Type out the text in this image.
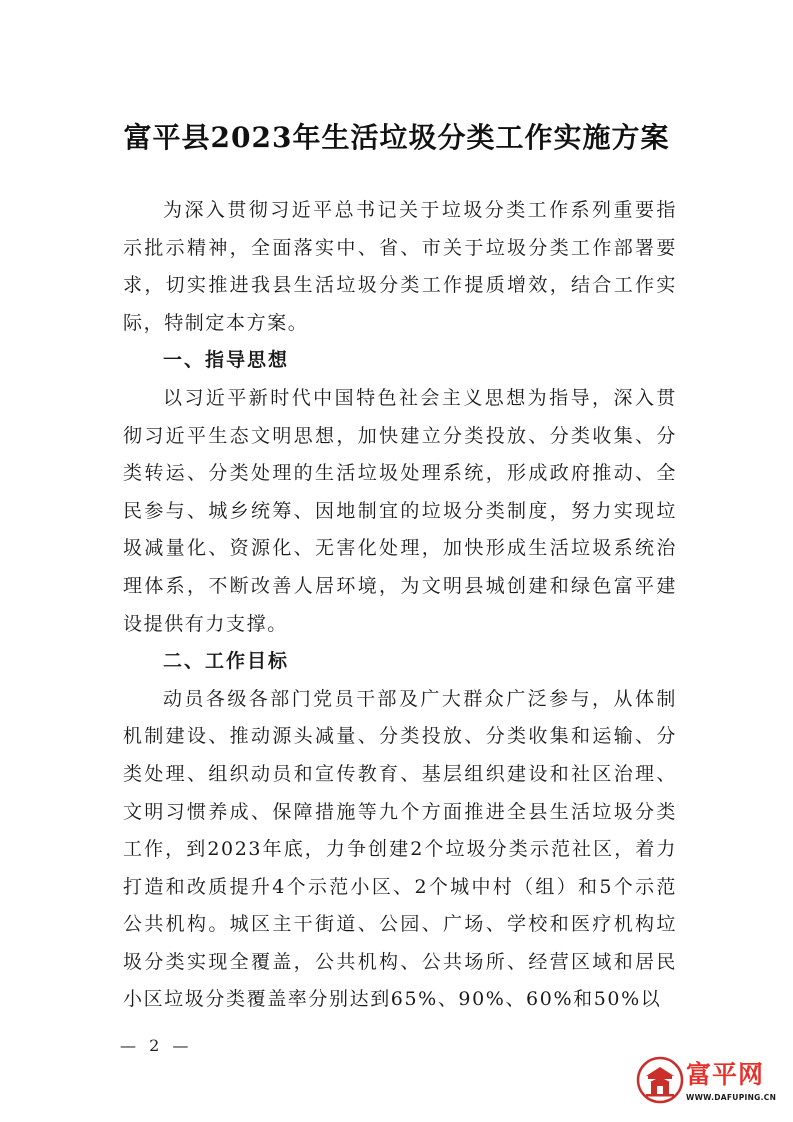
富平县2023年生活垃圾分类工作实施方案

为深入贯彻习近平总书记关于垃圾分类工作系列重要指示批示精神，全面落实中、省、市关于垃圾分类工作部署要求，切实推进我县生活垃圾分类工作提质增效，结合工作实际，特制定本方案。

一、指导思想

以习近平新时代中国特色社会主义思想为指导，深入贯彻习近平生态文明思想，加快建立分类投放、分类收集、分类转运、分类处理的生活垃圾处理系统，形成政府推动、全民参与、城乡统筹、因地制宜的垃圾分类制度，努力实现垃圾减量化、资源化、无害化处理，加快形成生活垃圾系统治理体系，不断改善人居环境，为文明县城创建和绿色富平建设提供有力支撑。

二、工作目标

动员各级各部门党员干部及广大群众广泛参与，从体制机制建设、推动源头减量、分类投放、分类收集和运输、分类处理、组织动员和宣传教育、基层组织建设和社区治理、文明习惯养成、保障措施等九个方面推进全县生活垃圾分类工作，到2023年底，力争创建2个垃圾分类示范社区，着力打造和改质提升4个示范小区、2个城中村（组）和5个示范公共机构。城区主干街道、公园、广场、学校和医疗机构垃圾分类实现全覆盖，公共机构、公共场所、经营区域和居民小区垃圾分类覆盖率分别达到65%、90%、60%和50%以

— 2 —
富平网
WWW.DAFUPING.CN
